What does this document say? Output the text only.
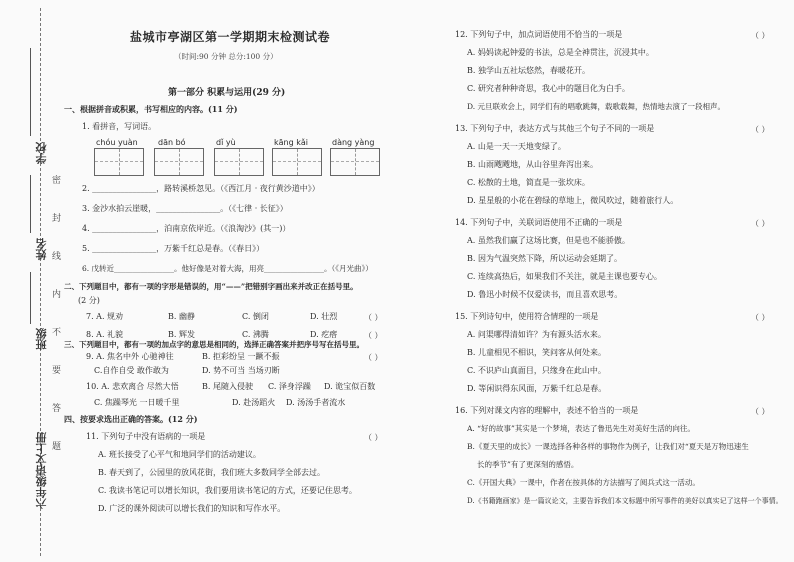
学校
姓名
班级
六年级语文上册
密
封
线
内
不
要
答
题
盐城市亭湖区第一学期期末检测试卷
（时间:90 分钟 总分:100 分）
第一部分 积累与运用(29 分)
一、根据拼音或积累，书写相应的内容。(11 分)
1. 看拼音，写词语。
chóu yuàn	dān bó	dǐ yù	kāng kǎi	dàng yàng
2. ________________，路转溪桥忽见。（《西江月 · 夜行黄沙道中》）
3. 金沙水拍云崖暖，________________。（《七律 · 长征》）
4. ________________，泊南京依岸近。（《浪淘沙》(其一)）
5. ________________，万紫千红总是春。（《春日》）
6. 戊转近________________。他好像是对着大海，用亮________________。（《月光曲》）
二、下列题目中，都有一项的字形是错误的，用“——”把错别字画出来并改正在括号里。
(2 分)
7. A. 规劝	B. 幽静	C. 倒闭	D. 壮烈	（ ）
8. A. 礼貌	B. 辉发	C. 沸腾	D. 疙瘩	（ ）
三、下列题目中，都有一项的加点字的意思是相同的，选择正确答案并把序号写在括号里。
9. A. 焦名中外 心驰神往	B. 拒彩纷呈 一蹶不振	（ ）
C.自作自受 敢作敢为	D. 势不可当 当场刃断
10. A. 悲欢离合 尽然大悟	B. 尾随入侵驶 C. 泽身浮躁 D. 诡宝似百数
C. 焦躁琴光 一日暖千里	D. 赴汤蹈火 D. 汤汤手者流水
四、按要求选出正确的答案。(12 分)
11. 下列句子中没有语病的一项是	（ ）
A. 班长接受了心平气和地同学们的活动建议。
B. 春天到了，公园里的放风花街，我们班大多数同学全部去过。
C. 我读书笔记可以增长知识，我们要用读书笔记的方式，还要记住思考。
D. 广泛的课外阅读可以增长我们的知识和写作水平。
12. 下列句子中，加点词语使用不恰当的一项是	（ ）
A. 妈妈读起钟爱的书法，总是全神贯注，沉浸其中。
B. 独学山五社坛悠然，春暖花开。
C. 研究者种种奇思，我心中的题目化为白手。
D. 元旦联欢会上，同学们有的唱歌跳舞，载歌载舞，热情地去演了一段相声。
13. 下列句子中，表达方式与其他三个句子不同的一项是	（ ）
A. 山是一天一天地变绿了。
B. 山雨飕飕地，从山谷里奔泻出来。
C. 松散的土地，简直是一张坎床。
D. 星星般的小花在碧绿的草地上，微风吹过，随着旅行人。
14. 下列句子中，关联词语使用不正确的一项是	（ ）
A. 虽然我们赢了这场比赛，但是也不能骄傲。
B. 因为气温突然下降，所以运动会延期了。
C. 连续高热后，如果我们不关注，就是主课也要专心。
D. 鲁迅小时候不仅爱读书，而且喜欢思考。
15. 下列诗句中，使用符合情理的一项是	（ ）
A. 问渠哪得清如许？为有源头活水来。
B. 儿童相见不相识，笑问客从何处来。
C. 不识庐山真面目，只缘身在此山中。
D. 等闲识得东风面，万紫千红总是春。
16. 下列对课文内容的理解中，表述不恰当的一项是	（ ）
A. “好的故事”其实是一个梦境，表达了鲁迅先生对美好生活的向往。
B.《夏天里的成长》一课选择各种各样的事物作为例子，让我们对“夏天是万物迅速生
长的季节”有了更深刻的感悟。
C.《开国大典》一课中，作者在按具体的方法描写了阅兵式这一活动。
D.《书籍跑画家》是一篇议论文，主要告诉我们本文标题中所写事件的美好以真实记了这样一个事情。
